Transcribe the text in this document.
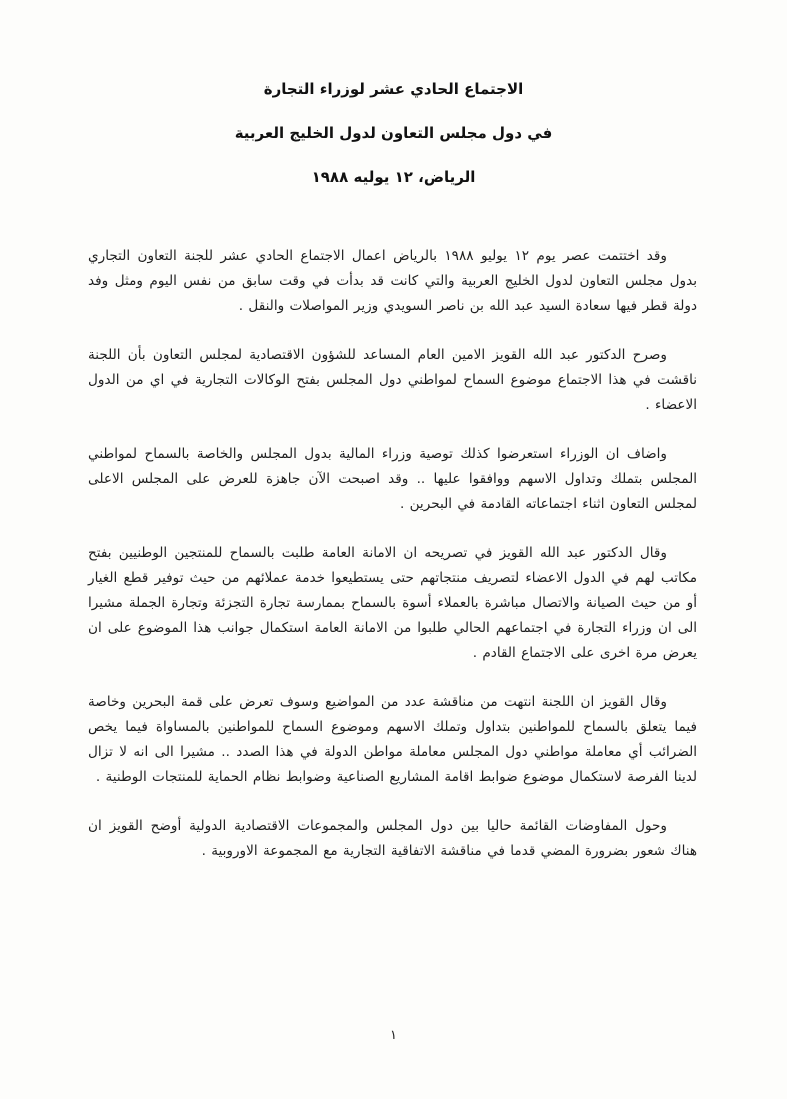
الاجتماع الحادي عشر لوزراء التجارة
في دول مجلس التعاون لدول الخليج العربية
الرياض، ١٢ يوليه ١٩٨٨

وقد اختتمت عصر يوم ١٢ يوليو ١٩٨٨ بالرياض اعمال الاجتماع الحادي عشر للجنة التعاون التجاري بدول مجلس التعاون لدول الخليج العربية والتي كانت قد بدأت في وقت سابق من نفس اليوم ومثل وفد دولة قطر فيها سعادة السيد عبد الله بن ناصر السويدي وزير المواصلات والنقل .

وصرح الدكتور عبد الله القويز الامين العام المساعد للشؤون الاقتصادية لمجلس التعاون بأن اللجنة ناقشت في هذا الاجتماع موضوع السماح لمواطني دول المجلس بفتح الوكالات التجارية في اي من الدول الاعضاء .

واضاف ان الوزراء استعرضوا كذلك توصية وزراء المالية بدول المجلس والخاصة بالسماح لمواطني المجلس بتملك وتداول الاسهم ووافقوا عليها .. وقد اصبحت الآن جاهزة للعرض على المجلس الاعلى لمجلس التعاون اثناء اجتماعاته القادمة في البحرين .

وقال الدكتور عبد الله القويز في تصريحه ان الامانة العامة طلبت بالسماح للمنتجين الوطنيين بفتح مكاتب لهم في الدول الاعضاء لتصريف منتجاتهم حتى يستطيعوا خدمة عملائهم من حيث توفير قطع الغيار أو من حيث الصيانة والاتصال مباشرة بالعملاء أسوة بالسماح بممارسة تجارة التجزئة وتجارة الجملة مشيرا الى ان وزراء التجارة في اجتماعهم الحالي طلبوا من الامانة العامة استكمال جوانب هذا الموضوع على ان يعرض مرة اخرى على الاجتماع القادم .

وقال القويز ان اللجنة انتهت من مناقشة عدد من المواضيع وسوف تعرض على قمة البحرين وخاصة فيما يتعلق بالسماح للمواطنين بتداول وتملك الاسهم وموضوع السماح للمواطنين بالمساواة فيما يخص الضرائب أي معاملة مواطني دول المجلس معاملة مواطن الدولة في هذا الصدد .. مشيرا الى انه لا تزال لدينا الفرصة لاستكمال موضوع ضوابط اقامة المشاريع الصناعية وضوابط نظام الحماية للمنتجات الوطنية .

وحول المفاوضات القائمة حاليا بين دول المجلس والمجموعات الاقتصادية الدولية أوضح القويز ان هناك شعور بضرورة المضي قدما في مناقشة الاتفاقية التجارية مع المجموعة الاوروبية .

١
